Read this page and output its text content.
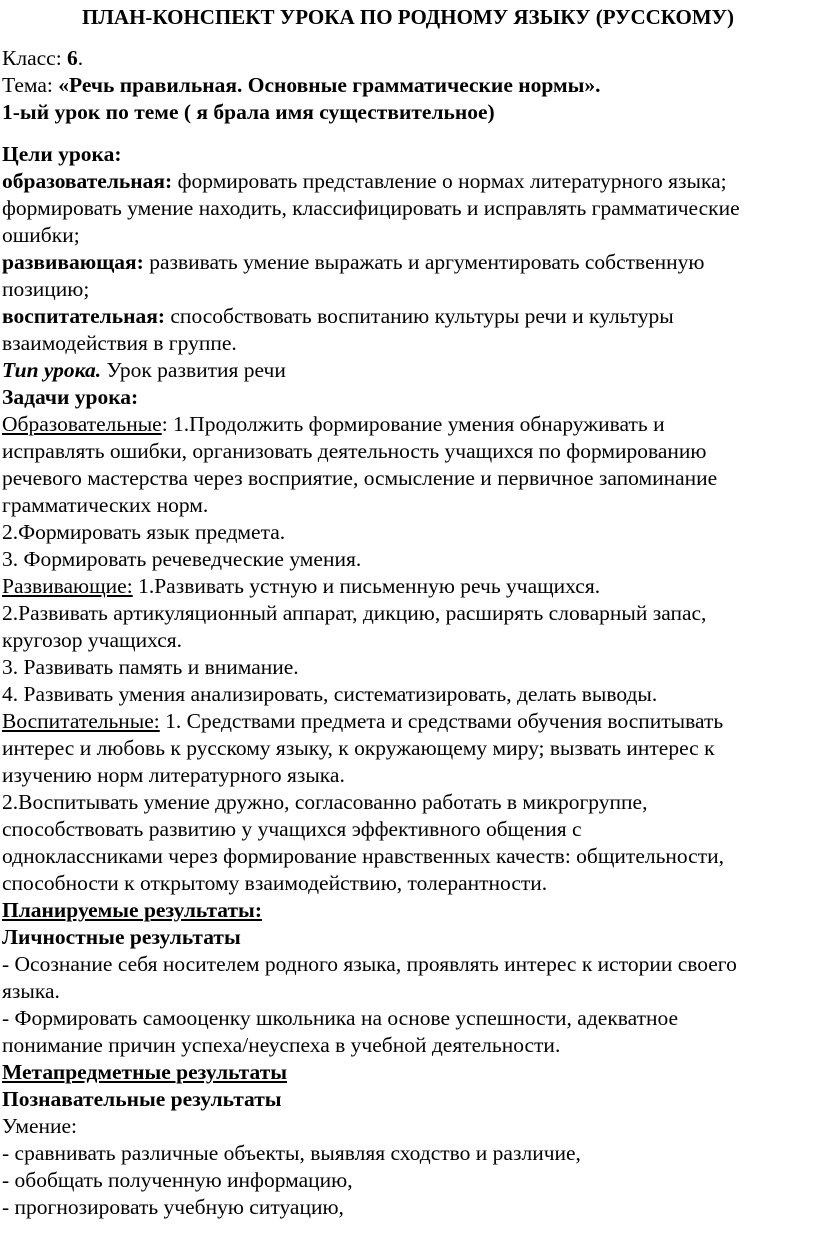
ПЛАН-КОНСПЕКТ УРОКА ПО РОДНОМУ ЯЗЫКУ (РУССКОМУ)
Класс: 6.
Тема: «Речь правильная. Основные грамматические нормы».
1-ый урок по теме ( я брала имя существительное)
Цели урока:
образовательная: формировать представление о нормах литературного языка;
формировать умение находить, классифицировать и исправлять грамматические
ошибки;
развивающая: развивать умение выражать и аргументировать собственную
позицию;
воспитательная: способствовать воспитанию культуры речи и культуры
взаимодействия в группе.
Тип урока. Урок развития речи
Задачи урока:
Образовательные: 1.Продолжить формирование умения обнаруживать и
исправлять ошибки, организовать деятельность учащихся по формированию
речевого мастерства через восприятие, осмысление и первичное запоминание
грамматических норм.
2.Формировать язык предмета.
3. Формировать речеведческие умения.
Развивающие: 1.Развивать устную и письменную речь учащихся.
2.Развивать артикуляционный аппарат, дикцию, расширять словарный запас,
кругозор учащихся.
3. Развивать память и внимание.
4. Развивать умения анализировать, систематизировать, делать выводы.
Воспитательные: 1. Средствами предмета и средствами обучения воспитывать
интерес и любовь к русскому языку, к окружающему миру; вызвать интерес к
изучению норм литературного языка.
2.Воспитывать умение дружно, согласованно работать в микрогруппе,
способствовать развитию у учащихся эффективного общения с
одноклассниками через формирование нравственных качеств: общительности,
способности к открытому взаимодействию, толерантности.
Планируемые результаты:
Личностные результаты
- Осознание себя носителем родного языка, проявлять интерес к истории своего
языка.
- Формировать самооценку школьника на основе успешности, адекватное
понимание причин успеха/неуспеха в учебной деятельности.
Метапредметные результаты
Познавательные результаты
Умение:
- сравнивать различные объекты, выявляя сходство и различие,
- обобщать полученную информацию,
- прогнозировать учебную ситуацию,
